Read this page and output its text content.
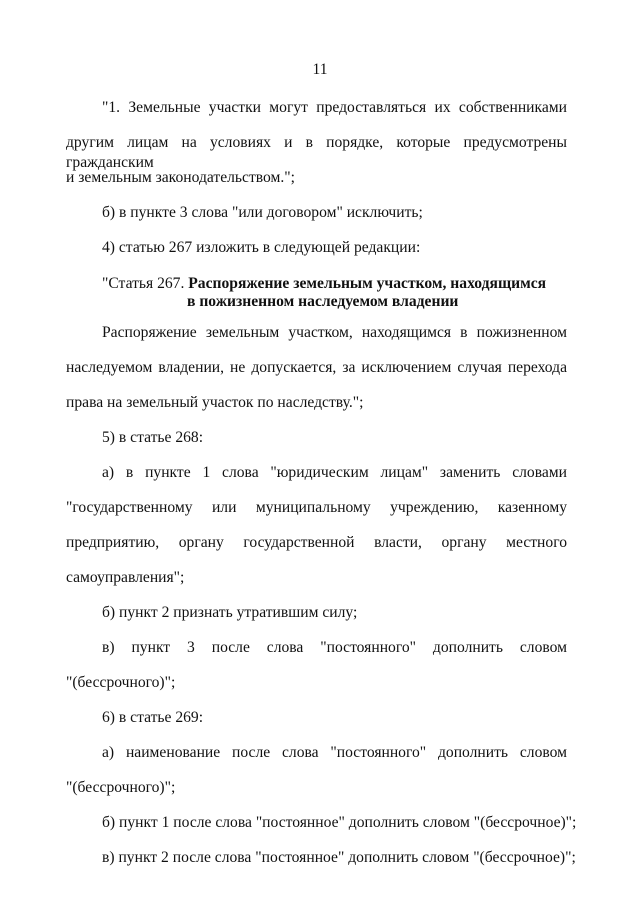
11
"1. Земельные участки могут предоставляться их собственниками
другим лицам на условиях и в порядке, которые предусмотрены гражданским
и земельным законодательством.";
б) в пункте 3 слова "или договором" исключить;
4) статью 267 изложить в следующей редакции:
"Статья 267. Распоряжение земельным участком, находящимся
в пожизненном наследуемом владении
Распоряжение земельным участком, находящимся в пожизненном
наследуемом владении, не допускается, за исключением случая перехода
права на земельный участок по наследству.";
5) в статье 268:
а) в пункте 1 слова "юридическим лицам" заменить словами
"государственному или муниципальному учреждению, казенному
предприятию, органу государственной власти, органу местного
самоуправления";
б) пункт 2 признать утратившим силу;
в) пункт 3 после слова "постоянного" дополнить словом
"(бессрочного)";
6) в статье 269:
а) наименование после слова "постоянного" дополнить словом
"(бессрочного)";
б) пункт 1 после слова "постоянное" дополнить словом "(бессрочное)";
в) пункт 2 после слова "постоянное" дополнить словом "(бессрочное)";
